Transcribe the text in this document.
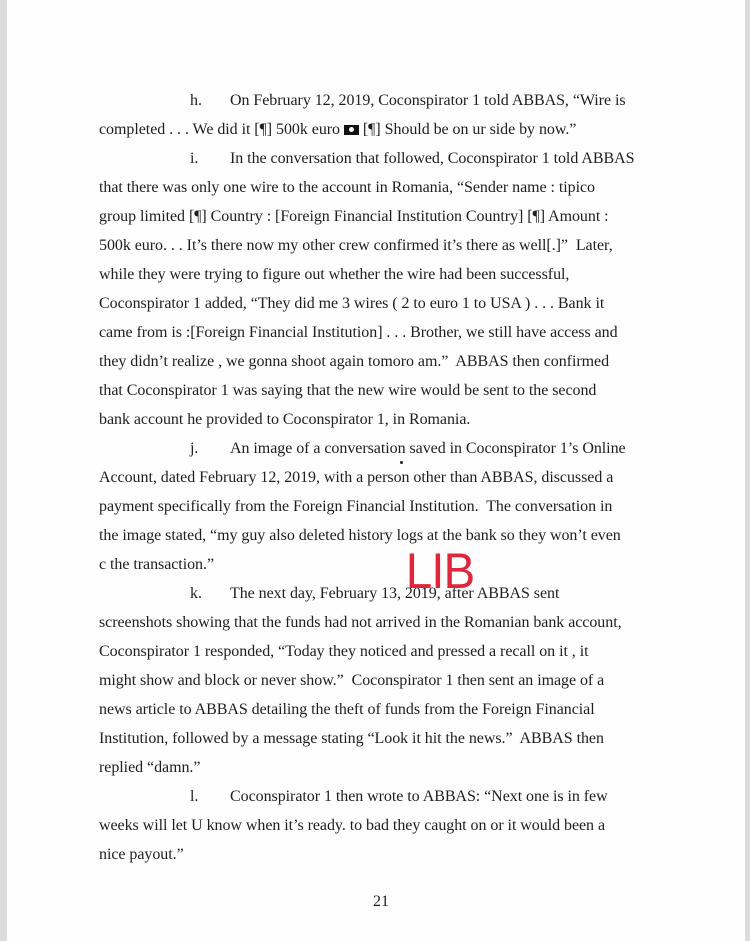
h. On February 12, 2019, Coconspirator 1 told ABBAS, “Wire is
completed . . . We did it [¶] 500k euro [¶] Should be on ur side by now.”
i. In the conversation that followed, Coconspirator 1 told ABBAS
that there was only one wire to the account in Romania, “Sender name : tipico
group limited [¶] Country : [Foreign Financial Institution Country] [¶] Amount :
500k euro. . . It’s there now my other crew confirmed it’s there as well[.]”  Later,
while they were trying to figure out whether the wire had been successful,
Coconspirator 1 added, “They did me 3 wires ( 2 to euro 1 to USA ) . . . Bank it
came from is :[Foreign Financial Institution] . . . Brother, we still have access and
they didn’t realize , we gonna shoot again tomoro am.”  ABBAS then confirmed
that Coconspirator 1 was saying that the new wire would be sent to the second
bank account he provided to Coconspirator 1, in Romania.
j. An image of a conversation saved in Coconspirator 1’s Online
Account, dated February 12, 2019, with a person other than ABBAS, discussed a
payment specifically from the Foreign Financial Institution.  The conversation in
the image stated, “my guy also deleted history logs at the bank so they won’t even
c the transaction.”
k. The next day, February 13, 2019, after ABBAS sent
screenshots showing that the funds had not arrived in the Romanian bank account,
Coconspirator 1 responded, “Today they noticed and pressed a recall on it , it
might show and block or never show.”  Coconspirator 1 then sent an image of a
news article to ABBAS detailing the theft of funds from the Foreign Financial
Institution, followed by a message stating “Look it hit the news.”  ABBAS then
replied “damn.”
l. Coconspirator 1 then wrote to ABBAS: “Next one is in few
weeks will let U know when it’s ready. to bad they caught on or it would been a
nice payout.”
LIB
21
